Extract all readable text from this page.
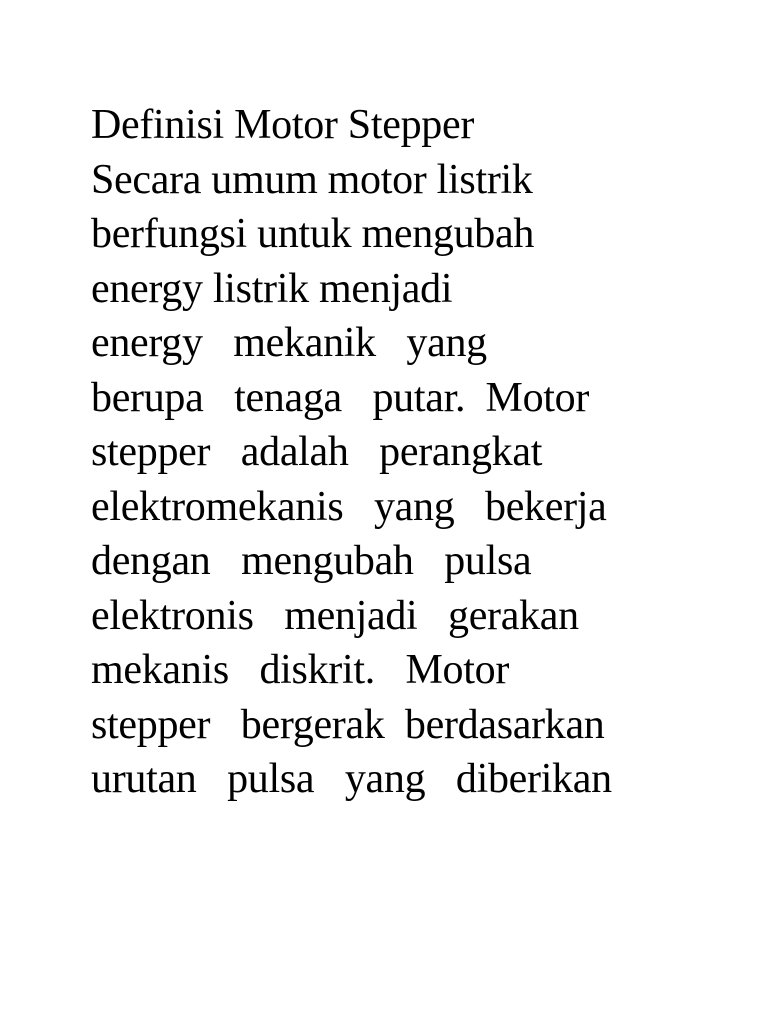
Definisi Motor Stepper
Secara umum motor listrik
berfungsi untuk mengubah
energy listrik menjadi
energy   mekanik   yang
berupa   tenaga   putar.  Motor
stepper   adalah   perangkat
elektromekanis   yang   bekerja
dengan   mengubah   pulsa
elektronis   menjadi   gerakan
mekanis   diskrit.   Motor
stepper   bergerak  berdasarkan
urutan   pulsa   yang   diberikan
